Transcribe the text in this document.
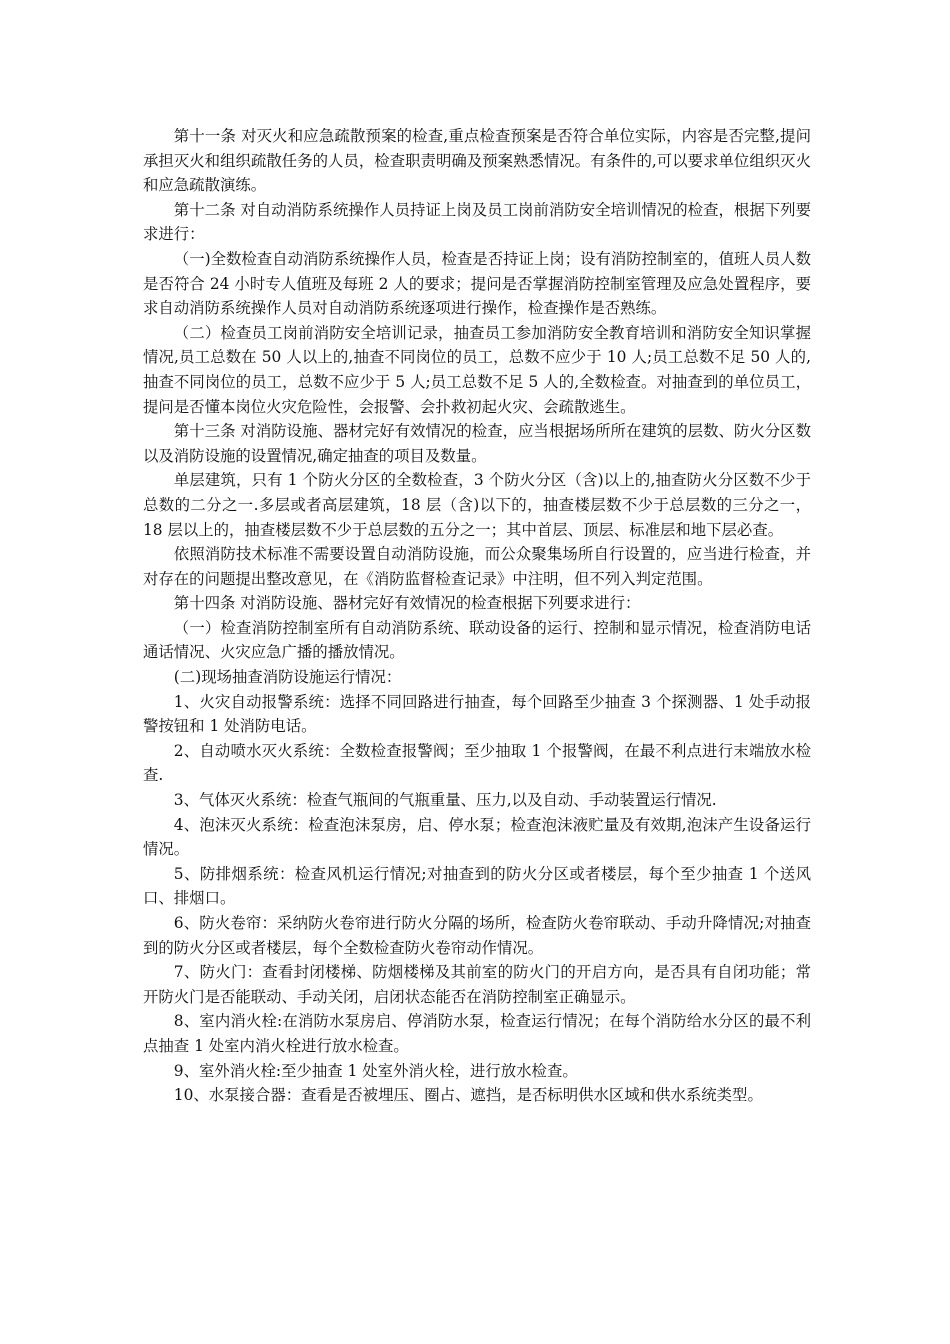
第十一条 对灭火和应急疏散预案的检查,重点检查预案是否符合单位实际，内容是否完整,提问承担灭火和组织疏散任务的人员，检查职责明确及预案熟悉情况。有条件的,可以要求单位组织灭火和应急疏散演练。

第十二条 对自动消防系统操作人员持证上岗及员工岗前消防安全培训情况的检查，根据下列要求进行：

（一)全数检查自动消防系统操作人员，检查是否持证上岗；设有消防控制室的，值班人员人数是否符合 24 小时专人值班及每班 2 人的要求；提问是否掌握消防控制室管理及应急处置程序，要求自动消防系统操作人员对自动消防系统逐项进行操作，检查操作是否熟练。

（二）检查员工岗前消防安全培训记录，抽查员工参加消防安全教育培训和消防安全知识掌握情况,员工总数在 50 人以上的,抽查不同岗位的员工，总数不应少于 10 人;员工总数不足 50 人的,抽查不同岗位的员工，总数不应少于 5 人;员工总数不足 5 人的,全数检查。对抽查到的单位员工，提问是否懂本岗位火灾危险性，会报警、会扑救初起火灾、会疏散逃生。

第十三条 对消防设施、器材完好有效情况的检查，应当根据场所所在建筑的层数、防火分区数以及消防设施的设置情况,确定抽查的项目及数量。

单层建筑，只有 1 个防火分区的全数检查，3 个防火分区（含)以上的,抽查防火分区数不少于总数的二分之一.多层或者高层建筑，18 层（含)以下的，抽查楼层数不少于总层数的三分之一，18 层以上的，抽查楼层数不少于总层数的五分之一；其中首层、顶层、标准层和地下层必查。

依照消防技术标准不需要设置自动消防设施，而公众聚集场所自行设置的，应当进行检查，并对存在的问题提出整改意见，在《消防监督检查记录》中注明，但不列入判定范围。

第十四条 对消防设施、器材完好有效情况的检查根据下列要求进行：

（一）检查消防控制室所有自动消防系统、联动设备的运行、控制和显示情况，检查消防电话通话情况、火灾应急广播的播放情况。

(二)现场抽查消防设施运行情况：

1、火灾自动报警系统：选择不同回路进行抽查，每个回路至少抽查 3 个探测器、1 处手动报警按钮和 1 处消防电话。

2、自动喷水灭火系统：全数检查报警阀；至少抽取 1 个报警阀，在最不利点进行末端放水检查.

3、气体灭火系统：检查气瓶间的气瓶重量、压力,以及自动、手动装置运行情况.

4、泡沫灭火系统：检查泡沫泵房，启、停水泵；检查泡沫液贮量及有效期,泡沫产生设备运行情况。

5、防排烟系统：检查风机运行情况;对抽查到的防火分区或者楼层，每个至少抽查 1 个送风口、排烟口。

6、防火卷帘：采纳防火卷帘进行防火分隔的场所，检查防火卷帘联动、手动升降情况;对抽查到的防火分区或者楼层，每个全数检查防火卷帘动作情况。

7、防火门：查看封闭楼梯、防烟楼梯及其前室的防火门的开启方向，是否具有自闭功能；常开防火门是否能联动、手动关闭，启闭状态能否在消防控制室正确显示。

8、室内消火栓:在消防水泵房启、停消防水泵，检查运行情况；在每个消防给水分区的最不利点抽查 1 处室内消火栓进行放水检查。

9、室外消火栓:至少抽查 1 处室外消火栓，进行放水检查。

10、水泵接合器：查看是否被埋压、圈占、遮挡，是否标明供水区域和供水系统类型。
